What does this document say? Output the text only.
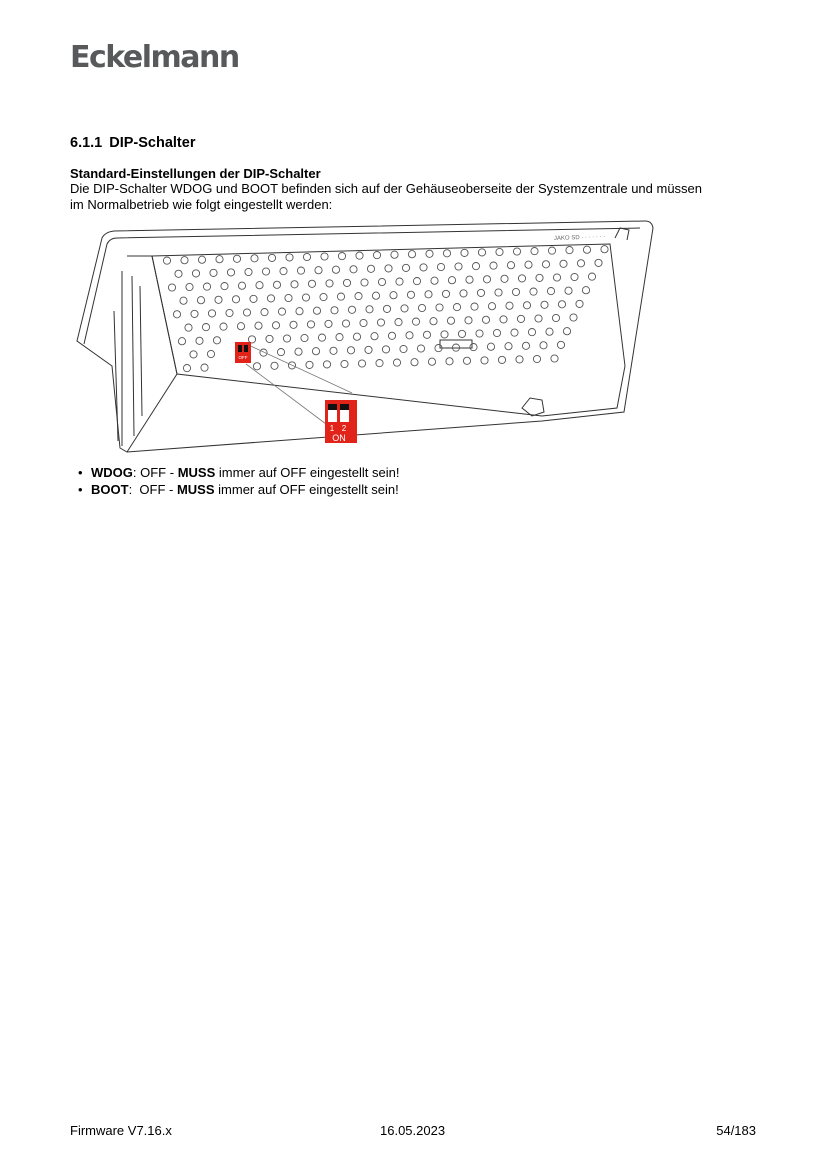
Eckelmann
6.1.1 DIP-Schalter
Standard-Einstellungen der DIP-Schalter
Die DIP-Schalter WDOG und BOOT befinden sich auf der Gehäuseoberseite der Systemzentrale und müssen
im Normalbetrieb wie folgt eingestellt werden:
JAKO SD · · · · · · ·
OFF
1 2
ON
• WDOG: OFF - MUSS immer auf OFF eingestellt sein!
• BOOT:  OFF - MUSS immer auf OFF eingestellt sein!
Firmware V7.16.x	16.05.2023	54/183
